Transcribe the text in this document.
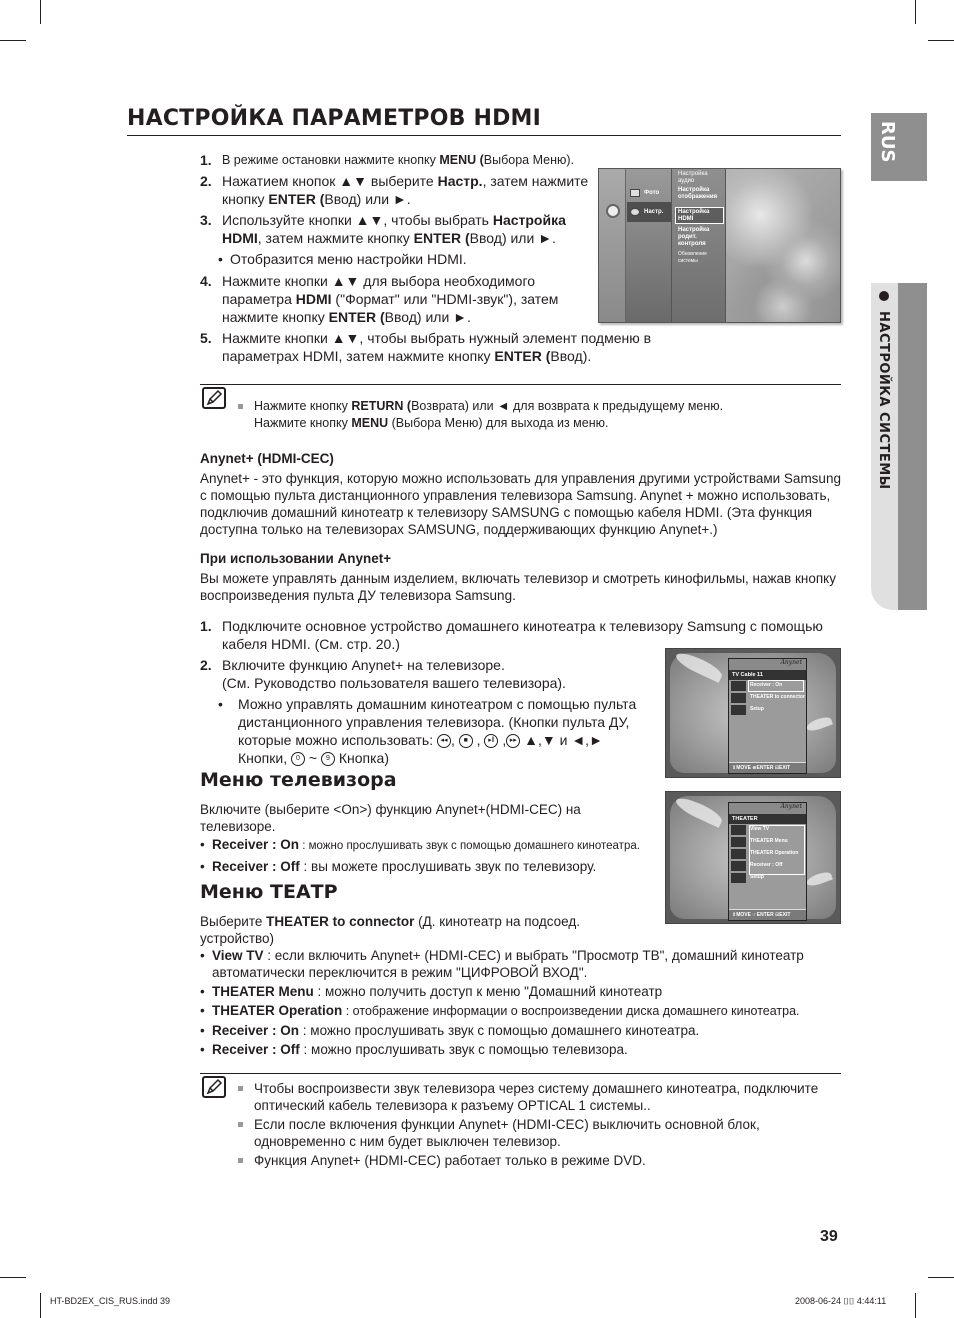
НАСТРОЙКА ПАРАМЕТРОВ HDMI
RUS
НАСТРОЙКА СИСТЕМЫ
1. В режиме остановки нажмите кнопку MENU (Выбора Меню).
2. Нажатием кнопок ▲▼ выберите Настр., затем нажмите кнопку ENTER (Ввод) или ►.
3. Используйте кнопки ▲▼, чтобы выбрать Настройка HDMI, затем нажмите кнопку ENTER (Ввод) или ►.
• Отобразится меню настройки HDMI.
4. Нажмите кнопки ▲▼ для выбора необходимого параметра HDMI ("Формат" или "HDMI-звук"), затем нажмите кнопку ENTER (Ввод) или ►.
5. Нажмите кнопки ▲▼, чтобы выбрать нужный элемент подменю в параметрах HDMI, затем нажмите кнопку ENTER (Ввод).
Фото
Настр.
Настройка аудио
Настройка отображения
Настройка HDMI
Настройка родит. контроля
Обновление системы
Нажмите кнопку RETURN (Возврата) или ◄ для возврата к предыдущему меню.
Нажмите кнопку MENU (Выбора Меню) для выхода из меню.
Anynet+ (HDMI-CEC)
Anynet+ - это функция, которую можно использовать для управления другими устройствами Samsung с помощью пульта дистанционного управления телевизора Samsung. Anynet + можно использовать, подключив домашний кинотеатр к телевизору SAMSUNG с помощью кабеля HDMI. (Эта функция доступна только на телевизорах SAMSUNG, поддерживающих функцию Anynet+.)
При использовании Anynet+
Вы можете управлять данным изделием, включать телевизор и смотреть кинофильмы, нажав кнопку воспроизведения пульта ДУ телевизора Samsung.
1. Подключите основное устройство домашнего кинотеатра к телевизору Samsung с помощью кабеля HDMI. (См. стр. 20.)
2. Включите функцию Anynet+ на телевизоре.
(См. Руководство пользователя вашего телевизора).
• Можно управлять домашним кинотеатром с помощью пульта дистанционного управления телевизора. (Кнопки пульта ДУ, которые можно использовать: ◂◂ , ■ , ▸‖ , ▸▸ ▲,▼ и ◄,► Кнопки, 0 ~ 9 Кнопка)
Anynet
TV Cable 11
Receiver : On
THEATER to connector
Setup
⇕MOVE ⊛ENTER ⊡EXIT
Меню телевизора
Включите (выберите <On>) функцию Anynet+(HDMI-CEC) на телевизоре.
• Receiver : On : можно прослушивать звук с помощью домашнего кинотеатра.
• Receiver : Off : вы можете прослушивать звук по телевизору.
Anynet
THEATER
View TV
THEATER Menu
THEATER Operation
Receiver : Off
Setup
⇕MOVE ☞ENTER ⊡EXIT
Меню ТЕАТР
Выберите THEATER to connector (Д. кинотеатр на подсоед. устройство)
• View TV : если включить Anynet+ (HDMI-CEC) и выбрать "Просмотр ТВ", домашний кинотеатр автоматически переключится в режим "ЦИФРОВОЙ ВХОД".
• THEATER Menu : можно получить доступ к меню "Домашний кинотеатр
• THEATER Operation : отображение информации о воспроизведении диска домашнего кинотеатра.
• Receiver : On : можно прослушивать звук с помощью домашнего кинотеатра.
• Receiver : Off : можно прослушивать звук с помощью телевизора.
Чтобы воспроизвести звук телевизора через систему домашнего кинотеатра, подключите оптический кабель телевизора к разъему OPTICAL 1 системы..
Если после включения функции Anynet+ (HDMI-CEC) выключить основной блок, одновременно с ним будет выключен телевизор.
Функция Anynet+ (HDMI-CEC) работает только в режиме DVD.
39
HT-BD2EX_CIS_RUS.indd 39	2008-06-24 ⌷⌷ 4:44:11
